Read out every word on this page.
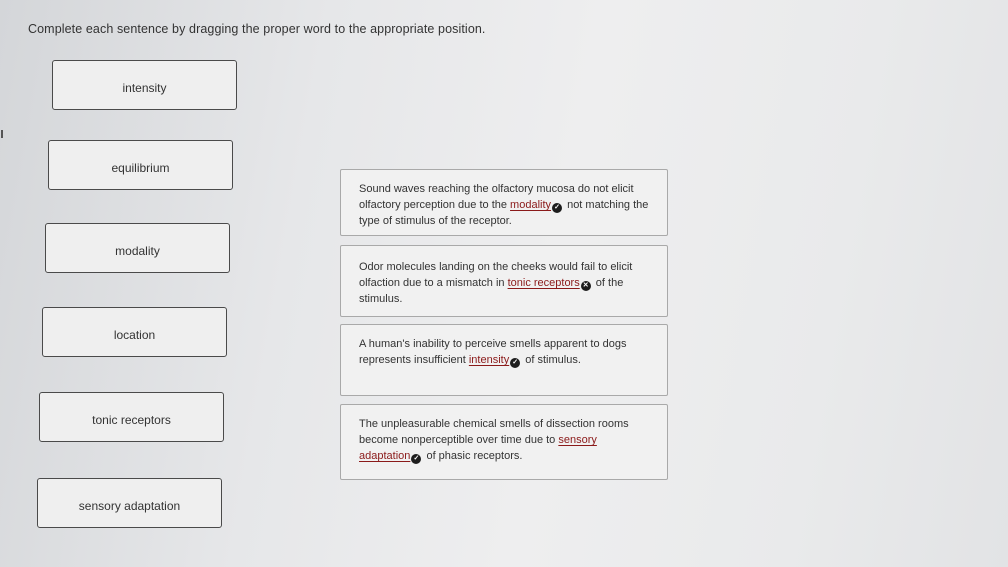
Complete each sentence by dragging the proper word to the appropriate position.
intensity
equilibrium
modality
location
tonic receptors
sensory adaptation
Sound waves reaching the olfactory mucosa do not elicit olfactory perception due to the modality ✓ not matching the type of stimulus of the receptor.
Odor molecules landing on the cheeks would fail to elicit olfaction due to a mismatch in tonic receptors ✕ of the stimulus.
A human's inability to perceive smells apparent to dogs represents insufficient intensity ✓ of stimulus.
The unpleasurable chemical smells of dissection rooms become nonperceptible over time due to sensory adaptation ✓ of phasic receptors.
